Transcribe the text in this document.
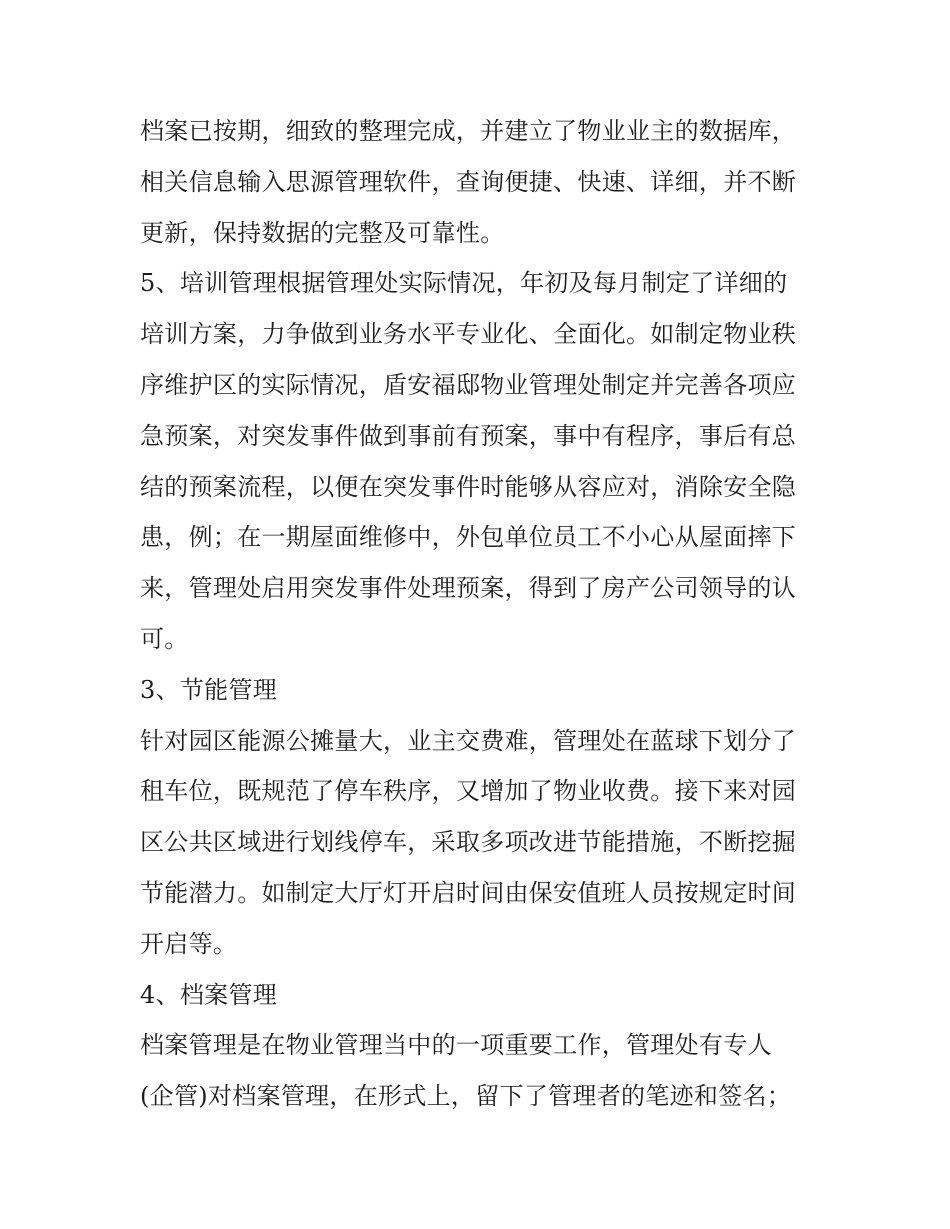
档案已按期，细致的整理完成，并建立了物业业主的数据库，
相关信息输入思源管理软件，查询便捷、快速、详细，并不断
更新，保持数据的完整及可靠性。
5、培训管理根据管理处实际情况，年初及每月制定了详细的
培训方案，力争做到业务水平专业化、全面化。如制定物业秩
序维护区的实际情况，盾安福邸物业管理处制定并完善各项应
急预案，对突发事件做到事前有预案，事中有程序，事后有总
结的预案流程，以便在突发事件时能够从容应对，消除安全隐
患，例；在一期屋面维修中，外包单位员工不小心从屋面摔下
来，管理处启用突发事件处理预案，得到了房产公司领导的认
可。
3、节能管理
针对园区能源公摊量大，业主交费难，管理处在蓝球下划分了
租车位，既规范了停车秩序，又增加了物业收费。接下来对园
区公共区域进行划线停车，采取多项改进节能措施，不断挖掘
节能潜力。如制定大厅灯开启时间由保安值班人员按规定时间
开启等。
4、档案管理
档案管理是在物业管理当中的一项重要工作，管理处有专人
(企管)对档案管理，在形式上，留下了管理者的笔迹和签名；
